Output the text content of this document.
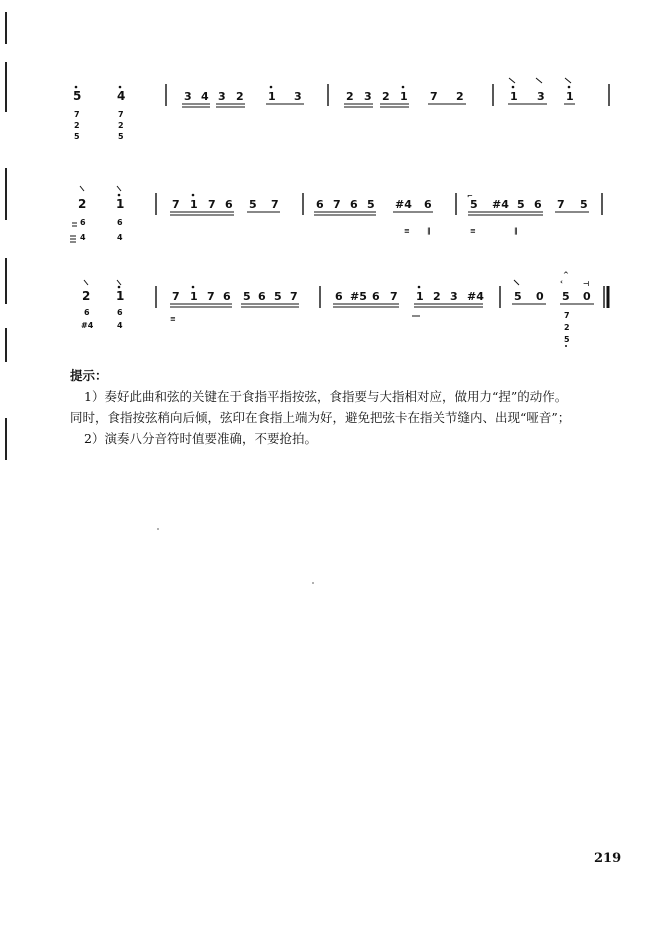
5
7
2
5
4
7
2
5
3 4 3 2 1 3	2 3 2 1 7 2	1 3 1
2
6
4
1
6
4
7 1 7 6 5 7	6 7 6 5 #4 6
≡ ‖
5 #4 5 6 7 5
⌐
≡	‖
2
6
#4
1
6
4
7 1 7 6 5 6 5 7
≡
6 #5 6 7 1 2 3 #4	5 0 5 0
‹
^
⊣
7
2
5
提示：
1）奏好此曲和弦的关键在于食指平指按弦，食指要与大指相对应，做用力“捏”的动作。
同时，食指按弦稍向后倾，弦印在食指上端为好，避免把弦卡在指关节缝内、出现“哑音”；
2）演奏八分音符时值要准确，不要抢拍。
219
